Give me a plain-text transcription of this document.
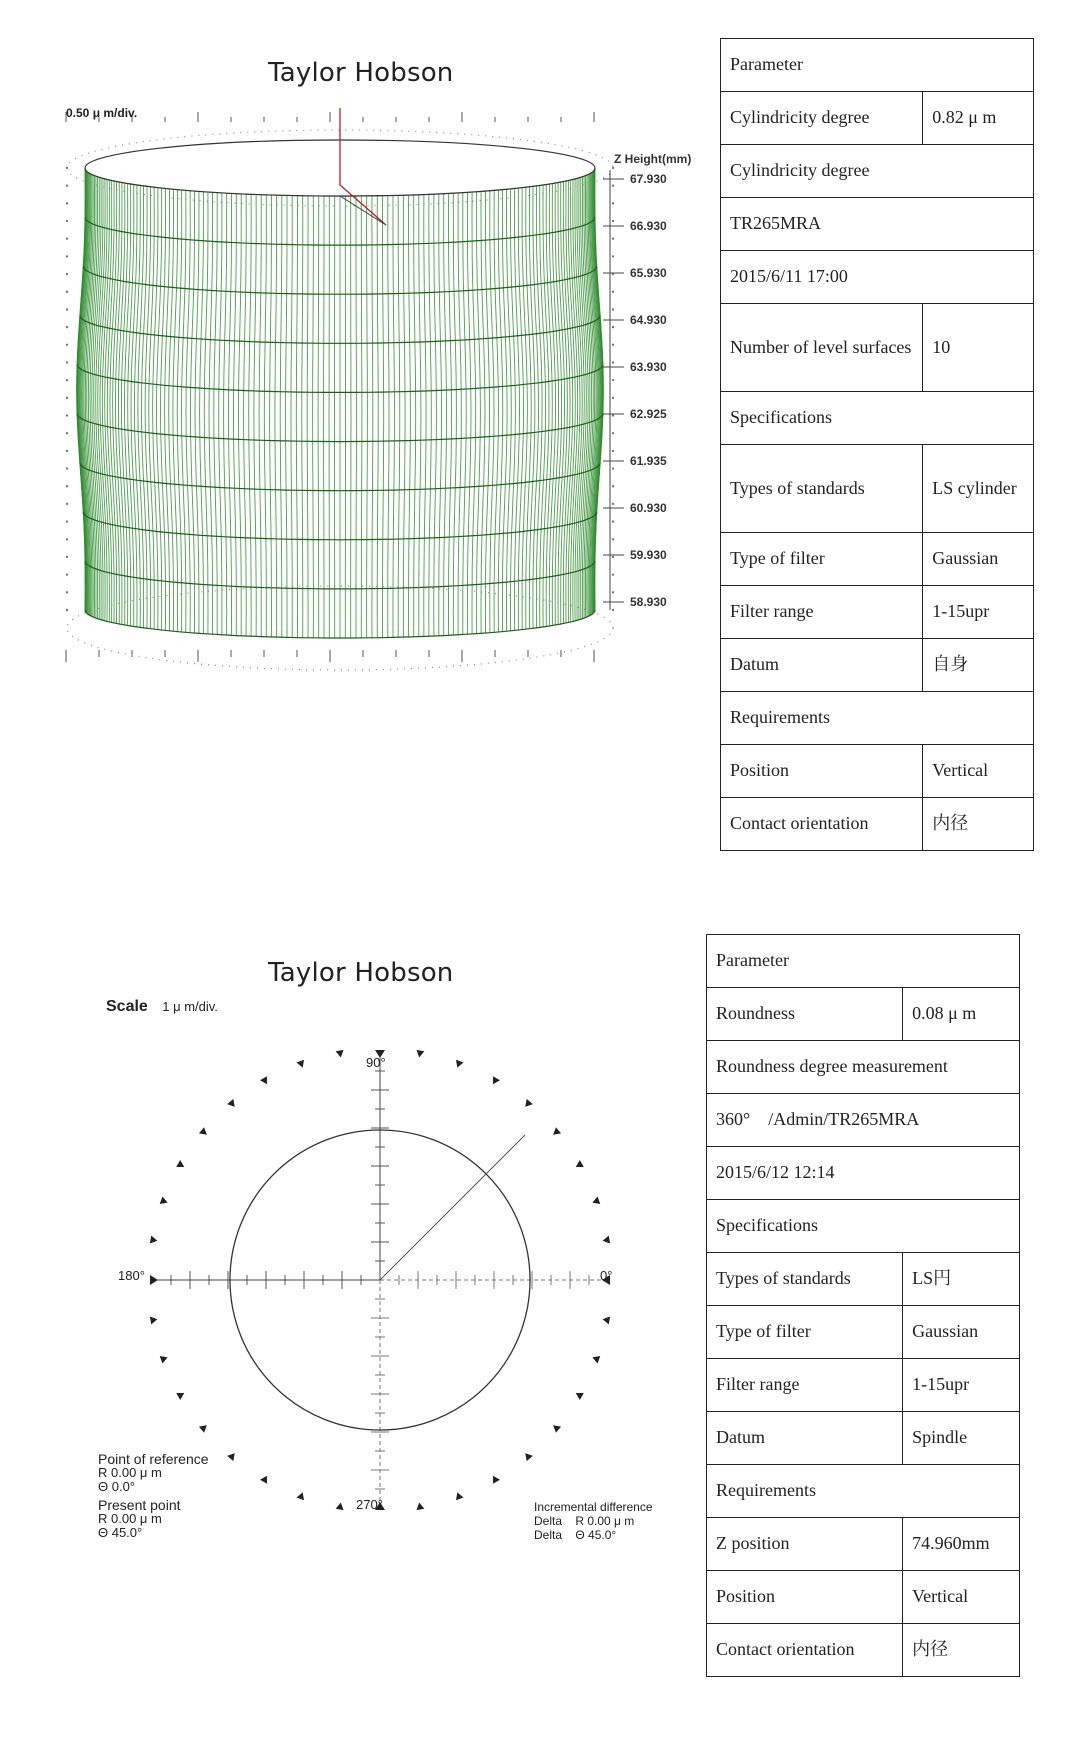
Taylor Hobson
0.50 μ m/div.
Z Height(mm)
67.930
66.930
65.930
64.930
63.930
62.925
61.935
60.930
59.930
58.930
Parameter	
Cylindricity degree	0.82 μ m
Cylindricity degree	
TR265MRA	
2015/6/11 17:00	
Number of level surfaces	10
Specifications	
Types of standards	LS cylinder
Type of filter	Gaussian
Filter range	1-15upr
Datum	自身
Requirements	
Position	Vertical
Contact orientation	内径
Taylor Hobson
Scale 1 μ m/div.
90°
180°	0°
270°
Point of reference
R 0.00 μ m
Θ 0.0°
Present point
R 0.00 μ m
Θ 45.0°
Incremental difference
Delta R 0.00 μ m
Delta Θ 45.0°
Parameter	
Roundness	0.08 μ m
Roundness degree measurement	
360°　/Admin/TR265MRA	
2015/6/12 12:14	
Specifications	
Types of standards	LS円
Type of filter	Gaussian
Filter range	1-15upr
Datum	Spindle
Requirements	
Z position	74.960mm
Position	Vertical
Contact orientation	内径
